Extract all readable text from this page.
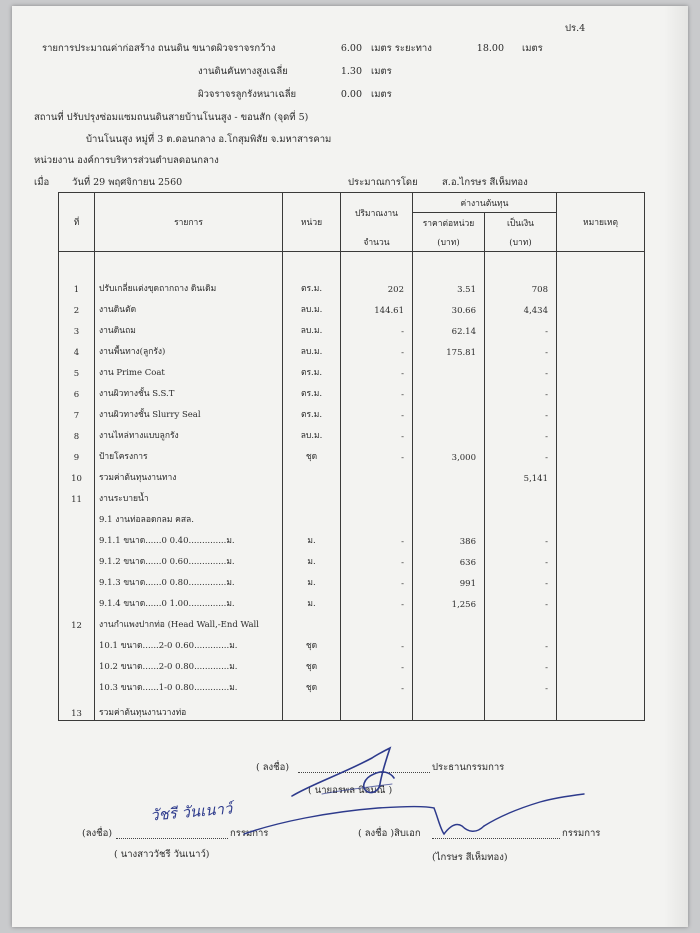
ปร.4
รายการประมาณค่าก่อสร้าง ถนนดิน ขนาดผิวจราจรกว้าง	6.00 เมตร ระยะทาง	18.00 เมตร
งานดินคันทางสูงเฉลี่ย	1.30 เมตร
ผิวจราจรลูกรังหนาเฉลี่ย	0.00 เมตร
สถานที่ ปรับปรุงซ่อมแซมถนนดินสายบ้านโนนสูง - ขอนสัก (จุดที่ 5)
บ้านโนนสูง หมู่ที่ 3 ต.ดอนกลาง อ.โกสุมพิสัย จ.มหาสารคาม
หน่วยงาน องค์การบริหารส่วนตำบลดอนกลาง
เมื่อ วันที่ 29 พฤศจิกายน 2560	ประมาณการโดย	ส.อ.ไกรษร สีเห็มทอง
ที่	รายการ	หน่วย	ปริมาณงาน	ค่างานต้นทุน		หมายเหตุ
				ราคาต่อหน่วย	เป็นเงิน	
			จำนวน	(บาท)	(บาท)	

1	ปรับเกลี่ยแต่งขุดถากถาง ดินเดิม	ตร.ม.	202	3.51	708	
2	งานดินตัด	ลบ.ม.	144.61	30.66	4,434	
3	งานดินถม	ลบ.ม.	-	62.14	-	
4	งานพื้นทาง(ลูกรัง)	ลบ.ม.	-	175.81	-	
5	งาน Prime Coat	ตร.ม.	-		-	
6	งานผิวทางชั้น S.S.T	ตร.ม.	-		-	
7	งานผิวทางชั้น Slurry Seal	ตร.ม.	-		-	
8	งานไหล่ทางแบบลูกรัง	ลบ.ม.	-		-	
9	ป้ายโครงการ	ชุด	-	3,000	-	
10	รวมค่าต้นทุนงานทาง				5,141	
11	งานระบายน้ำ					
	9.1 งานท่อลอดกลม คสล.					
	9.1.1 ขนาด......0 0.40..............ม.	ม.	-	386	-	
	9.1.2 ขนาด......0 0.60..............ม.	ม.	-	636	-	
	9.1.3 ขนาด......0 0.80..............ม.	ม.	-	991	-	
	9.1.4 ขนาด......0 1.00..............ม.	ม.	-	1,256	-	
12	งานกำแพงปากท่อ (Head Wall,-End Wall					
	10.1 ขนาด......2-0 0.60.............ม.	ชุด	-		-	
	10.2 ขนาด......2-0 0.80.............ม.	ชุด	-		-	
	10.3 ขนาด......1-0 0.80.............ม.	ชุด	-		-	
13	รวมค่าต้นทุนงานวางท่อ					
( ลงชื่อ)	ประธานกรรมการ
( นายอรพล นิลมณี )
(ลงชื่อ)	กรรมการ
( นางสาววัชรี วันเนาว์)
( ลงชื่อ )สิบเอก	กรรมการ
(ไกรษร สีเห็มทอง)
วัชรี วันเนาว์
